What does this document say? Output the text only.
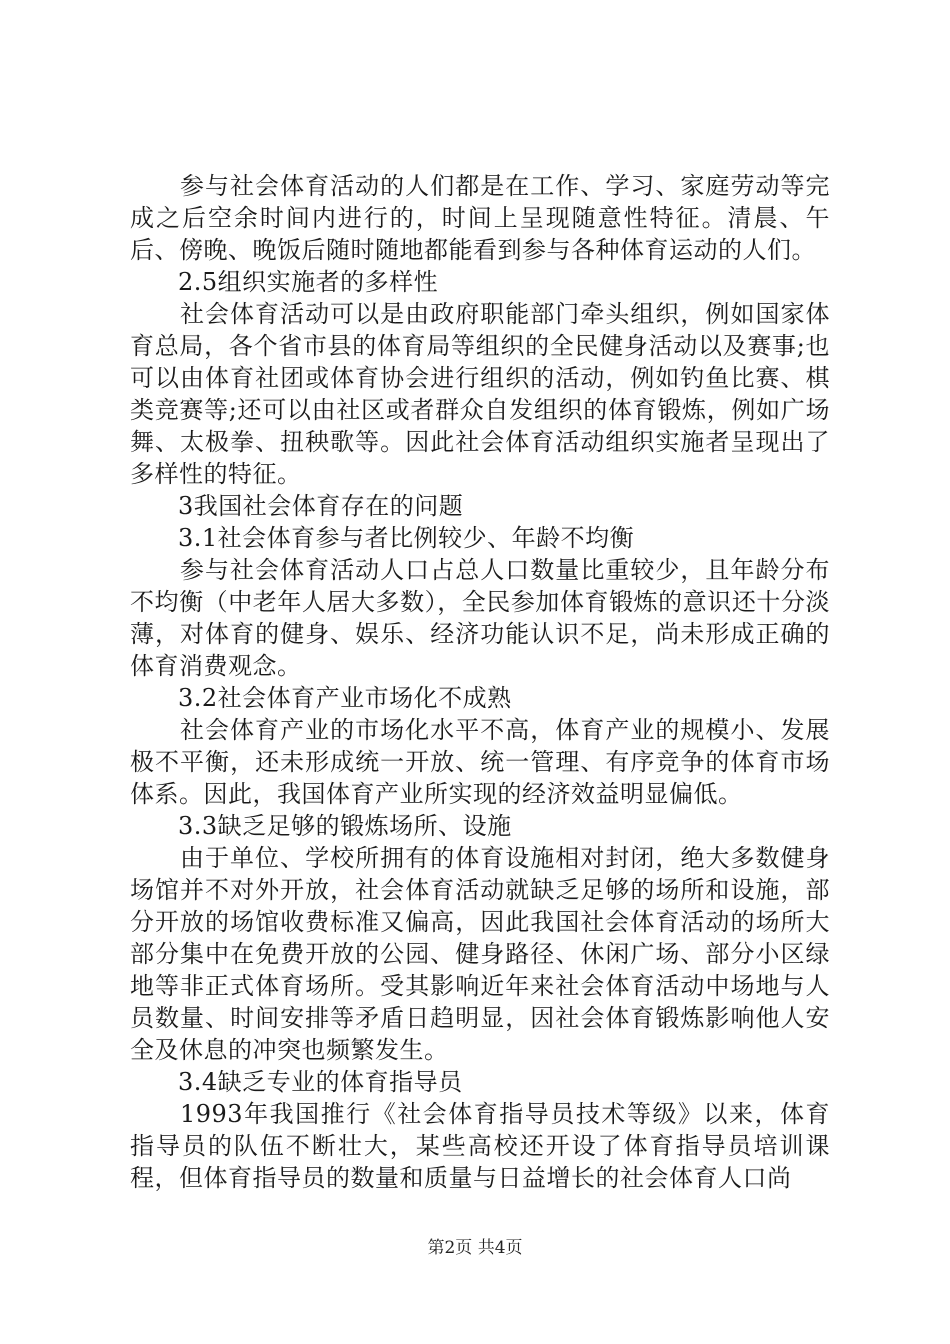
参与社会体育活动的人们都是在工作、学习、家庭劳动等完成之后空余时间内进行的，时间上呈现随意性特征。清晨、午后、傍晚、晚饭后随时随地都能看到参与各种体育运动的人们。

2.5组织实施者的多样性

社会体育活动可以是由政府职能部门牵头组织，例如国家体育总局，各个省市县的体育局等组织的全民健身活动以及赛事;也可以由体育社团或体育协会进行组织的活动，例如钓鱼比赛、棋类竞赛等;还可以由社区或者群众自发组织的体育锻炼，例如广场舞、太极拳、扭秧歌等。因此社会体育活动组织实施者呈现出了多样性的特征。

3我国社会体育存在的问题

3.1社会体育参与者比例较少、年龄不均衡

参与社会体育活动人口占总人口数量比重较少，且年龄分布不均衡（中老年人居大多数），全民参加体育锻炼的意识还十分淡薄，对体育的健身、娱乐、经济功能认识不足，尚未形成正确的体育消费观念。

3.2社会体育产业市场化不成熟

社会体育产业的市场化水平不高，体育产业的规模小、发展极不平衡，还未形成统一开放、统一管理、有序竞争的体育市场体系。因此，我国体育产业所实现的经济效益明显偏低。

3.3缺乏足够的锻炼场所、设施

由于单位、学校所拥有的体育设施相对封闭，绝大多数健身场馆并不对外开放，社会体育活动就缺乏足够的场所和设施，部分开放的场馆收费标准又偏高，因此我国社会体育活动的场所大部分集中在免费开放的公园、健身路径、休闲广场、部分小区绿地等非正式体育场所。受其影响近年来社会体育活动中场地与人员数量、时间安排等矛盾日趋明显，因社会体育锻炼影响他人安全及休息的冲突也频繁发生。

3.4缺乏专业的体育指导员

1993年我国推行《社会体育指导员技术等级》以来，体育指导员的队伍不断壮大，某些高校还开设了体育指导员培训课程，但体育指导员的数量和质量与日益增长的社会体育人口尚

第2页 共4页
